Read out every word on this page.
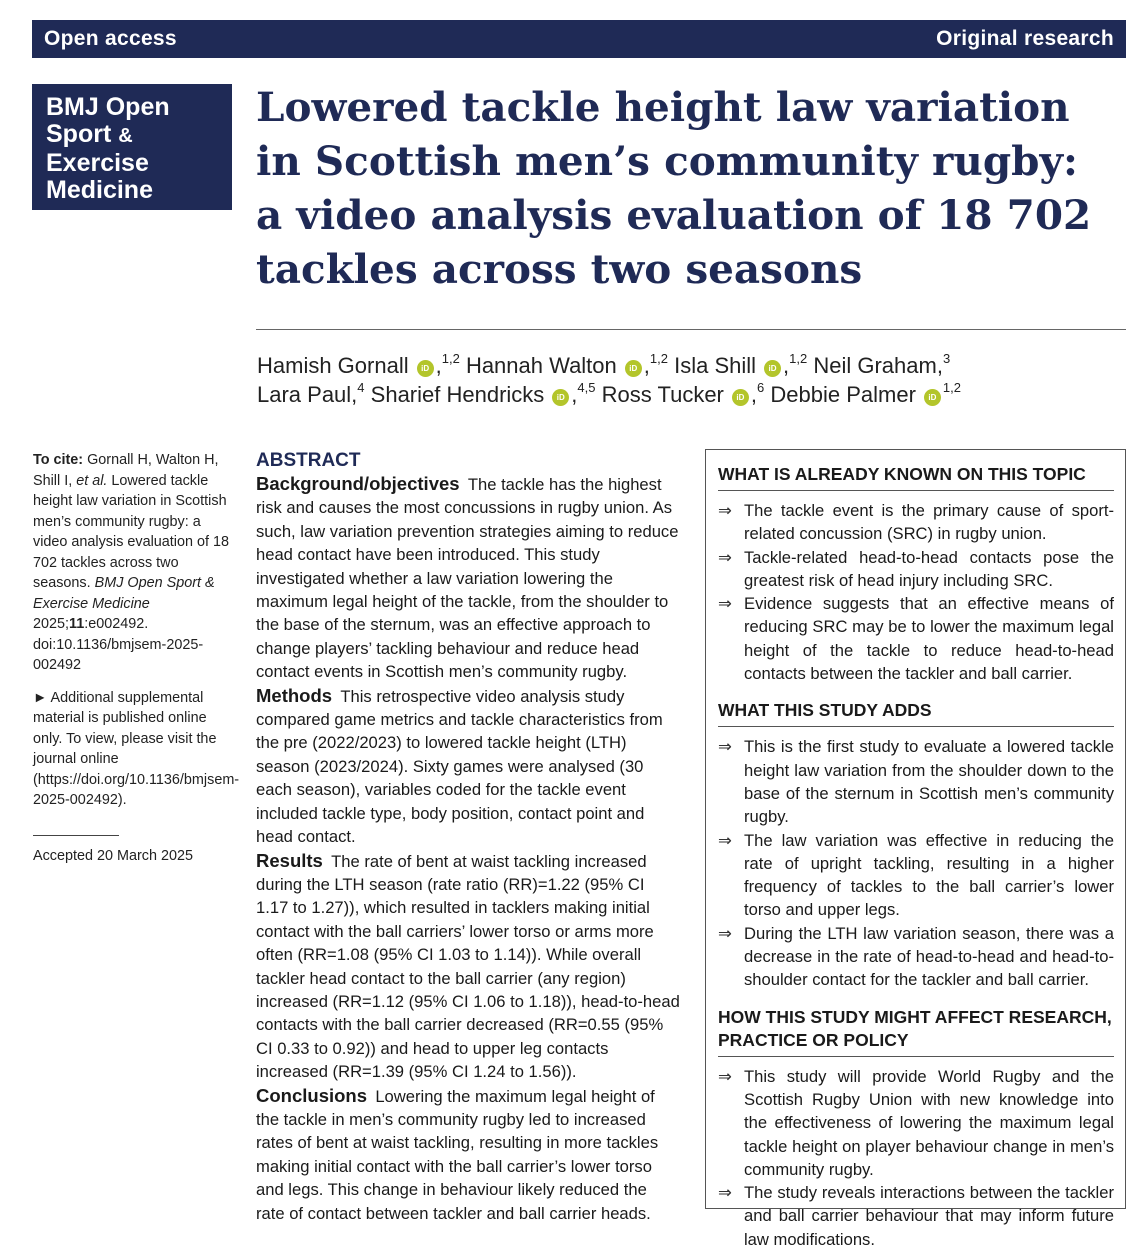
Open access	Original research
BMJ Open
Sport &
Exercise
Medicine
Lowered tackle height law variation in Scottish men’s community rugby: a video analysis evaluation of 18 702 tackles across two seasons
Hamish Gornall iD ,$^{1,2}$ Hannah Walton iD ,$^{1,2}$ Isla Shill iD ,$^{1,2}$ Neil Graham,$^3$
Lara Paul,$^4$ Sharief Hendricks iD ,$^{4,5}$ Ross Tucker iD ,$^6$ Debbie Palmer iD$^{1,2}$

To cite: Gornall H, Walton H, Shill I, et al. Lowered tackle height law variation in Scottish men’s community rugby: a video analysis evaluation of 18 702 tackles across two seasons. BMJ Open Sport & Exercise Medicine 2025;11:e002492. doi:10.1136/bmjsem-2025-002492

► Additional supplemental material is published online only. To view, please visit the journal online (https://doi.org/10.1136/bmjsem-2025-002492).

Accepted 20 March 2025

ABSTRACT

Background/objectives  The tackle has the highest risk and causes the most concussions in rugby union. As such, law variation prevention strategies aiming to reduce head contact have been introduced. This study investigated whether a law variation lowering the maximum legal height of the tackle, from the shoulder to the base of the sternum, was an effective approach to change players’ tackling behaviour and reduce head contact events in Scottish men’s community rugby.

Methods  This retrospective video analysis study compared game metrics and tackle characteristics from the pre (2022/2023) to lowered tackle height (LTH) season (2023/2024). Sixty games were analysed (30 each season), variables coded for the tackle event included tackle type, body position, contact point and head contact.

Results  The rate of bent at waist tackling increased during the LTH season (rate ratio (RR)=1.22 (95% CI 1.17 to 1.27)), which resulted in tacklers making initial contact with the ball carriers’ lower torso or arms more often (RR=1.08 (95% CI 1.03 to 1.14)). While overall tackler head contact to the ball carrier (any region) increased (RR=1.12 (95% CI 1.06 to 1.18)), head-to-head contacts with the ball carrier decreased (RR=0.55 (95% CI 0.33 to 0.92)) and head to upper leg contacts increased (RR=1.39 (95% CI 1.24 to 1.56)).

Conclusions  Lowering the maximum legal height of the tackle in men’s community rugby led to increased rates of bent at waist tackling, resulting in more tackles making initial contact with the ball carrier’s lower torso and legs. This change in behaviour likely reduced the rate of contact between tackler and ball carrier heads.

WHAT IS ALREADY KNOWN ON THIS TOPIC
⇒ The tackle event is the primary cause of sport-related concussion (SRC) in rugby union.
⇒ Tackle-related head-to-head contacts pose the greatest risk of head injury including SRC.
⇒ Evidence suggests that an effective means of reducing SRC may be to lower the maximum legal height of the tackle to reduce head-to-head contacts between the tackler and ball carrier.
WHAT THIS STUDY ADDS
⇒ This is the first study to evaluate a lowered tackle height law variation from the shoulder down to the base of the sternum in Scottish men’s community rugby.
⇒ The law variation was effective in reducing the rate of upright tackling, resulting in a higher frequency of tackles to the ball carrier’s lower torso and upper legs.
⇒ During the LTH law variation season, there was a decrease in the rate of head-to-head and head-to-shoulder contact for the tackler and ball carrier.
HOW THIS STUDY MIGHT AFFECT RESEARCH, PRACTICE OR POLICY
⇒ This study will provide World Rugby and the Scottish Rugby Union with new knowledge into the effectiveness of lowering the maximum legal tackle height on player behaviour change in men’s community rugby.
⇒ The study reveals interactions between the tackler and ball carrier behaviour that may inform future law modifications.
